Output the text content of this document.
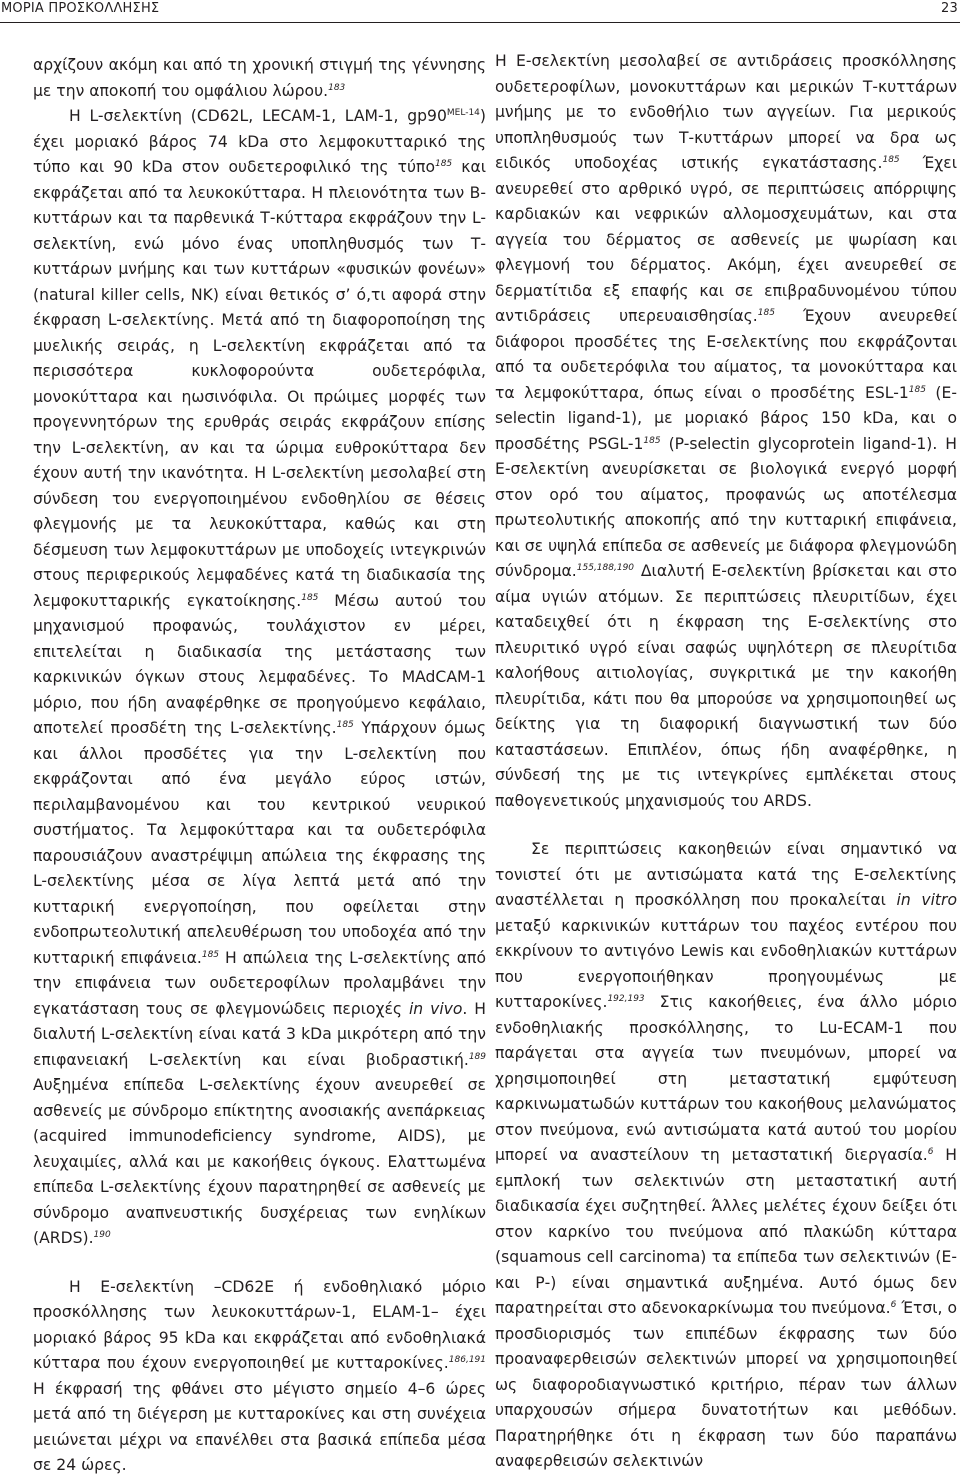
ΜΟΡΙΑ ΠΡΟΣΚΟΛΛΗΣΗΣ	23

αρχίζουν ακόμη και από τη χρονική στιγμή της γέννησης με την αποκοπή του ομφάλιου λώρου.$^{183}$

Η L-σελεκτίνη (CD62L, LECAM-1, LAM-1, $gp90^{MEL-14}$) έχει μοριακό βάρος 74 kDa στο λεμφοκυτταρικό της τύπο και 90 kDa στον ουδετεροφιλικό της τύπο$^{185}$ και εκφράζεται από τα λευκοκύτταρα. Η πλειονότητα των Β-κυττάρων και τα παρθενικά Τ-κύτταρα εκφράζουν την L-σελεκτίνη, ενώ μόνο ένας υποπληθυσμός των Τ-κυττάρων μνήμης και των κυττάρων «φυσικών φονέων» (natural killer cells, NK) είναι θετικός σ’ ό,τι αφορά στην έκφραση L-σελεκτίνης. Μετά από τη διαφοροποίηση της μυελικής σειράς, η L-σελεκτίνη εκφράζεται από τα περισσότερα κυκλοφορούντα ουδετερόφιλα, μονοκύτταρα και ηωσινόφιλα. Οι πρώιμες μορφές των προγεννητόρων της ερυθράς σειράς εκφράζουν επίσης την L-σελεκτίνη, αν και τα ώριμα ευθροκύτταρα δεν έχουν αυτή την ικανότητα. Η L-σελεκτίνη μεσολαβεί στη σύνδεση του ενεργοποιημένου ενδοθηλίου σε θέσεις φλεγμονής με τα λευκοκύτταρα, καθώς και στη δέσμευση των λεμφοκυττάρων με υποδοχείς ιντεγκρινών στους περιφερικούς λεμφαδένες κατά τη διαδικασία της λεμφοκυτταρικής εγκατοίκησης.$^{185}$ Μέσω αυτού του μηχανισμού προφανώς, τουλάχιστον εν μέρει, επιτελείται η διαδικασία της μετάστασης των καρκινικών όγκων στους λεμφαδένες. Το MAdCAM-1 μόριο, που ήδη αναφέρθηκε σε προηγούμενο κεφάλαιο, αποτελεί προσδέτη της L-σελεκτίνης.$^{185}$ Υπάρχουν όμως και άλλοι προσδέτες για την L-σελεκτίνη που εκφράζονται από ένα μεγάλο εύρος ιστών, περιλαμβανομένου και του κεντρικού νευρικού συστήματος. Τα λεμφοκύτταρα και τα ουδετερόφιλα παρουσιάζουν αναστρέψιμη απώλεια της έκφρασης της L-σελεκτίνης μέσα σε λίγα λεπτά μετά από την κυτταρική ενεργοποίηση, που οφείλεται στην ενδοπρωτεολυτική απελευθέρωση του υποδοχέα από την κυτταρική επιφάνεια.$^{185}$ Η απώλεια της L-σελεκτίνης από την επιφάνεια των ουδετεροφίλων προλαμβάνει την εγκατάσταση τους σε φλεγμονώδεις περιοχές in vivo. Η διαλυτή L-σελεκτίνη είναι κατά 3 kDa μικρότερη από την επιφανειακή L-σελεκτίνη και είναι βιοδραστική.$^{189}$ Αυξημένα επίπεδα L-σελεκτίνης έχουν ανευρεθεί σε ασθενείς με σύνδρομο επίκτητης ανοσιακής ανεπάρκειας (acquired immunodeficiency syndrome, AIDS), με λευχαιμίες, αλλά και με κακοήθεις όγκους. Ελαττωμένα επίπεδα L-σελεκτίνης έχουν παρατηρηθεί σε ασθενείς με σύνδρομο αναπνευστικής δυσχέρειας των ενηλίκων (ARDS).$^{190}$

Η Ε-σελεκτίνη –CD62E ή ενδοθηλιακό μόριο προσκόλλησης των λευκοκυττάρων-1, ELAM-1– έχει μοριακό βάρος 95 kDa και εκφράζεται από ενδοθηλιακά κύτταρα που έχουν ενεργοποιηθεί με κυτταροκίνες.$^{186,191}$ Η έκφρασή της φθάνει στο μέγιστο σημείο 4–6 ώρες μετά από τη διέγερση με κυτταροκίνες και στη συνέχεια μειώνεται μέχρι να επανέλθει στα βασικά επίπεδα μέσα σε 24 ώρες.

Η Ε-σελεκτίνη μεσολαβεί σε αντιδράσεις προσκόλλησης ουδετεροφίλων, μονοκυττάρων και μερικών Τ-κυττάρων μνήμης με το ενδοθήλιο των αγγείων. Για μερικούς υποπληθυσμούς των Τ-κυττάρων μπορεί να δρα ως ειδικός υποδοχέας ιστικής εγκατάστασης.$^{185}$ Έχει ανευρεθεί στο αρθρικό υγρό, σε περιπτώσεις απόρριψης καρδιακών και νεφρικών αλλομοσχευμάτων, και στα αγγεία του δέρματος σε ασθενείς με ψωρίαση και φλεγμονή του δέρματος. Ακόμη, έχει ανευρεθεί σε δερματίτιδα εξ επαφής και σε επιβραδυνομένου τύπου αντιδράσεις υπερευαισθησίας.$^{185}$ Έχουν ανευρεθεί διάφοροι προσδέτες της Ε-σελεκτίνης που εκφράζονται από τα ουδετερόφιλα του αίματος, τα μονοκύτταρα και τα λεμφοκύτταρα, όπως είναι ο προσδέτης ESL-$1^{185}$ (E-selectin ligand-1), με μοριακό βάρος 150 kDa, και ο προσδέτης PSGL-$1^{185}$ (P-selectin glycoprotein ligand-1). Η Ε-σελεκτίνη ανευρίσκεται σε βιολογικά ενεργό μορφή στον ορό του αίματος, προφανώς ως αποτέλεσμα πρωτεολυτικής αποκοπής από την κυτταρική επιφάνεια, και σε υψηλά επίπεδα σε ασθενείς με διάφορα φλεγμονώδη σύνδρομα.$^{155,188,190}$ Διαλυτή Ε-σελεκτίνη βρίσκεται και στο αίμα υγιών ατόμων. Σε περιπτώσεις πλευριτίδων, έχει καταδειχθεί ότι η έκφραση της Ε-σελεκτίνης στο πλευριτικό υγρό είναι σαφώς υψηλότερη σε πλευρίτιδα καλοήθους αιτιολογίας, συγκριτικά με την κακοήθη πλευρίτιδα, κάτι που θα μπορούσε να χρησιμοποιηθεί ως δείκτης για τη διαφορική διαγνωστική των δύο καταστάσεων. Επιπλέον, όπως ήδη αναφέρθηκε, η σύνδεσή της με τις ιντεγκρίνες εμπλέκεται στους παθογενετικούς μηχανισμούς του ARDS.

Σε περιπτώσεις κακοηθειών είναι σημαντικό να τονιστεί ότι με αντισώματα κατά της Ε-σελεκτίνης αναστέλλεται η προσκόλληση που προκαλείται in vitro μεταξύ καρκινικών κυττάρων του παχέος εντέρου που εκκρίνουν το αντιγόνο Lewis και ενδοθηλιακών κυττάρων που ενεργοποιήθηκαν προηγουμένως με κυτταροκίνες.$^{192,193}$ Στις κακοήθειες, ένα άλλο μόριο ενδοθηλιακής προσκόλλησης, το Lu-ECAM-1 που παράγεται στα αγγεία των πνευμόνων, μπορεί να χρησιμοποιηθεί στη μεταστατική εμφύτευση καρκινωματωδών κυττάρων του κακοήθους μελανώματος στον πνεύμονα, ενώ αντισώματα κατά αυτού του μορίου μπορεί να αναστείλουν τη μεταστατική διεργασία.$^6$ Η εμπλοκή των σελεκτινών στη μεταστατική αυτή διαδικασία έχει συζητηθεί. Άλλες μελέτες έχουν δείξει ότι στον καρκίνο του πνεύμονα από πλακώδη κύτταρα (squamous cell carcinoma) τα επίπεδα των σελεκτινών (Ε- και Ρ-) είναι σημαντικά αυξημένα. Αυτό όμως δεν παρατηρείται στο αδενοκαρκίνωμα του πνεύμονα.$^6$ Έτσι, ο προσδιορισμός των επιπέδων έκφρασης των δύο προαναφερθεισών σελεκτινών μπορεί να χρησιμοποιηθεί ως διαφοροδιαγνωστικό κριτήριο, πέραν των άλλων υπαρχουσών σήμερα δυνατοτήτων και μεθόδων. Παρατηρήθηκε ότι η έκφραση των δύο παραπάνω αναφερθεισών σελεκτινών
